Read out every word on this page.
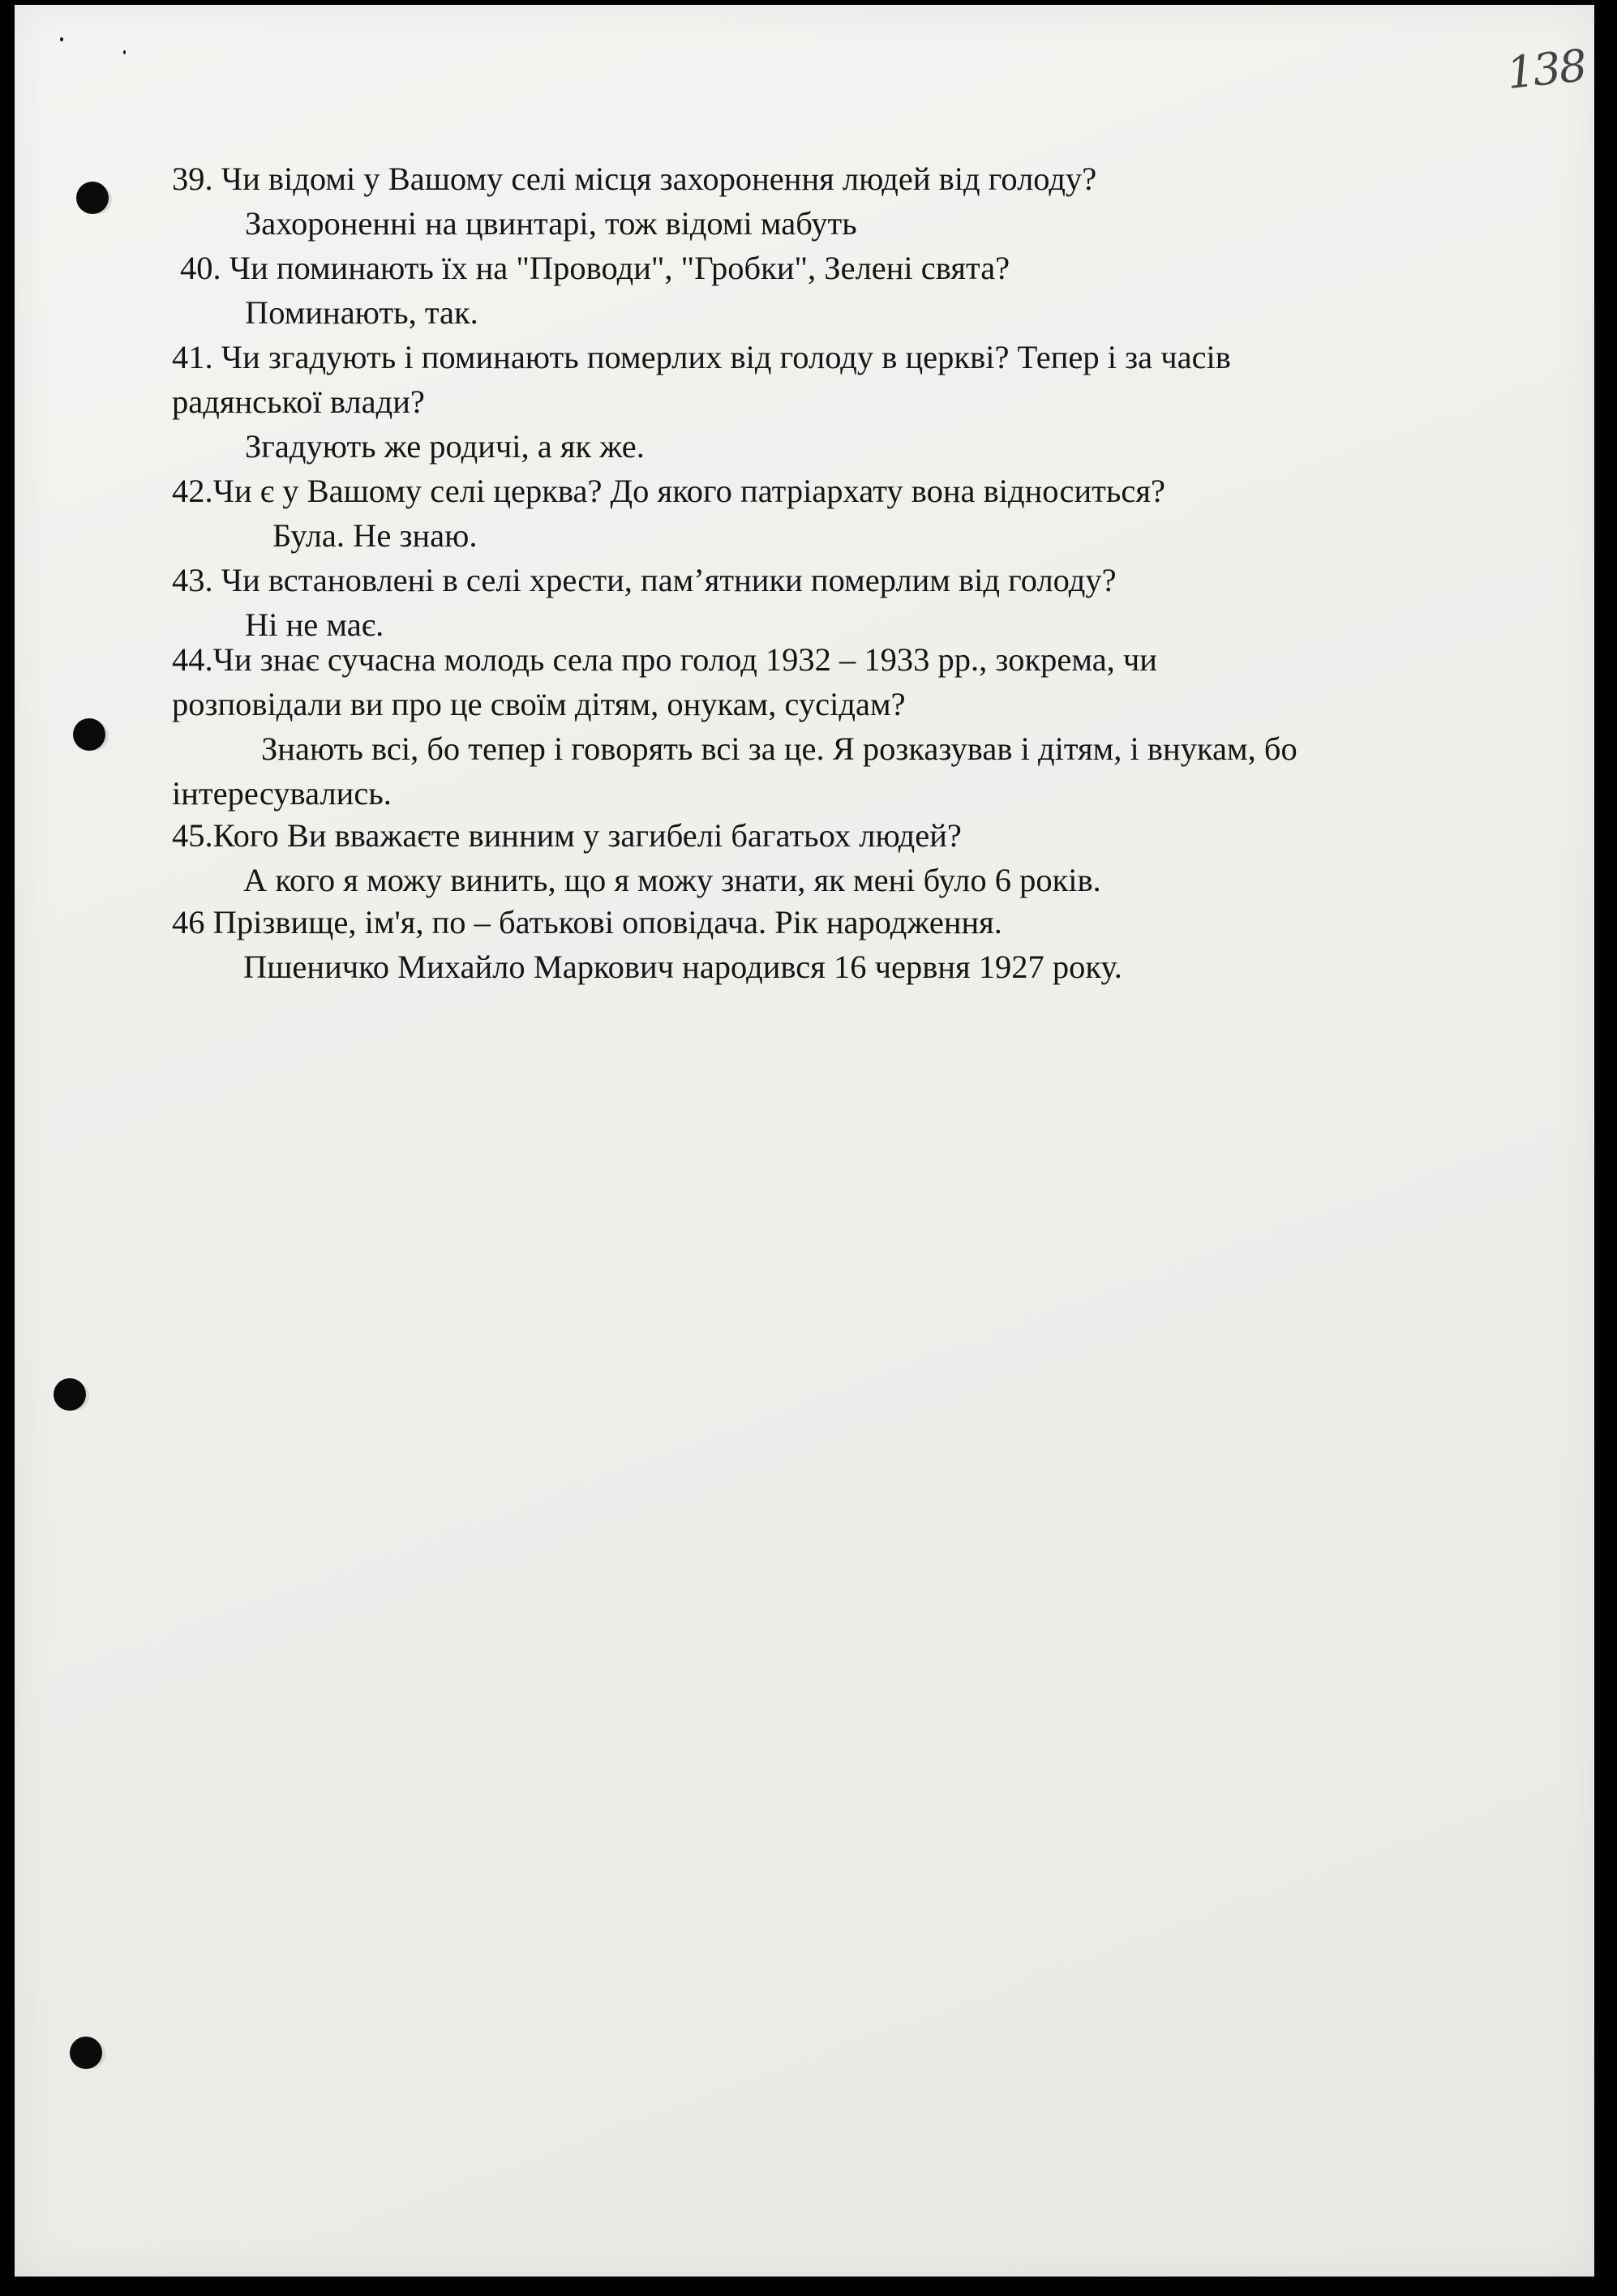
138
39. Чи відомі у Вашому селі місця захоронення людей від голоду?
Захороненні на цвинтарі, тож відомі мабуть
40. Чи поминають їх на "Проводи", "Гробки", Зелені свята?
Поминають, так.
41. Чи згадують і поминають померлих від голоду в церкві? Тепер і за часів
радянської влади?
Згадують же родичі, а як же.
42.Чи є у Вашому селі церква? До якого патріархату вона відноситься?
Була. Не знаю.
43. Чи встановлені в селі хрести, пам’ятники померлим від голоду?
Ні не має.
44.Чи знає сучасна молодь села про голод 1932 – 1933 рр., зокрема, чи
розповідали ви про це своїм дітям, онукам, сусідам?
Знають всі, бо тепер і говорять всі за це. Я розказував і дітям, і внукам, бо
інтересувались.
45.Кого Ви вважаєте винним у загибелі багатьох людей?
А кого я можу винить, що я можу знати, як мені було 6 років.
46 Прізвище, ім'я, по – батькові оповідача. Рік народження.
Пшеничко Михайло Маркович народився 16 червня 1927 року.
